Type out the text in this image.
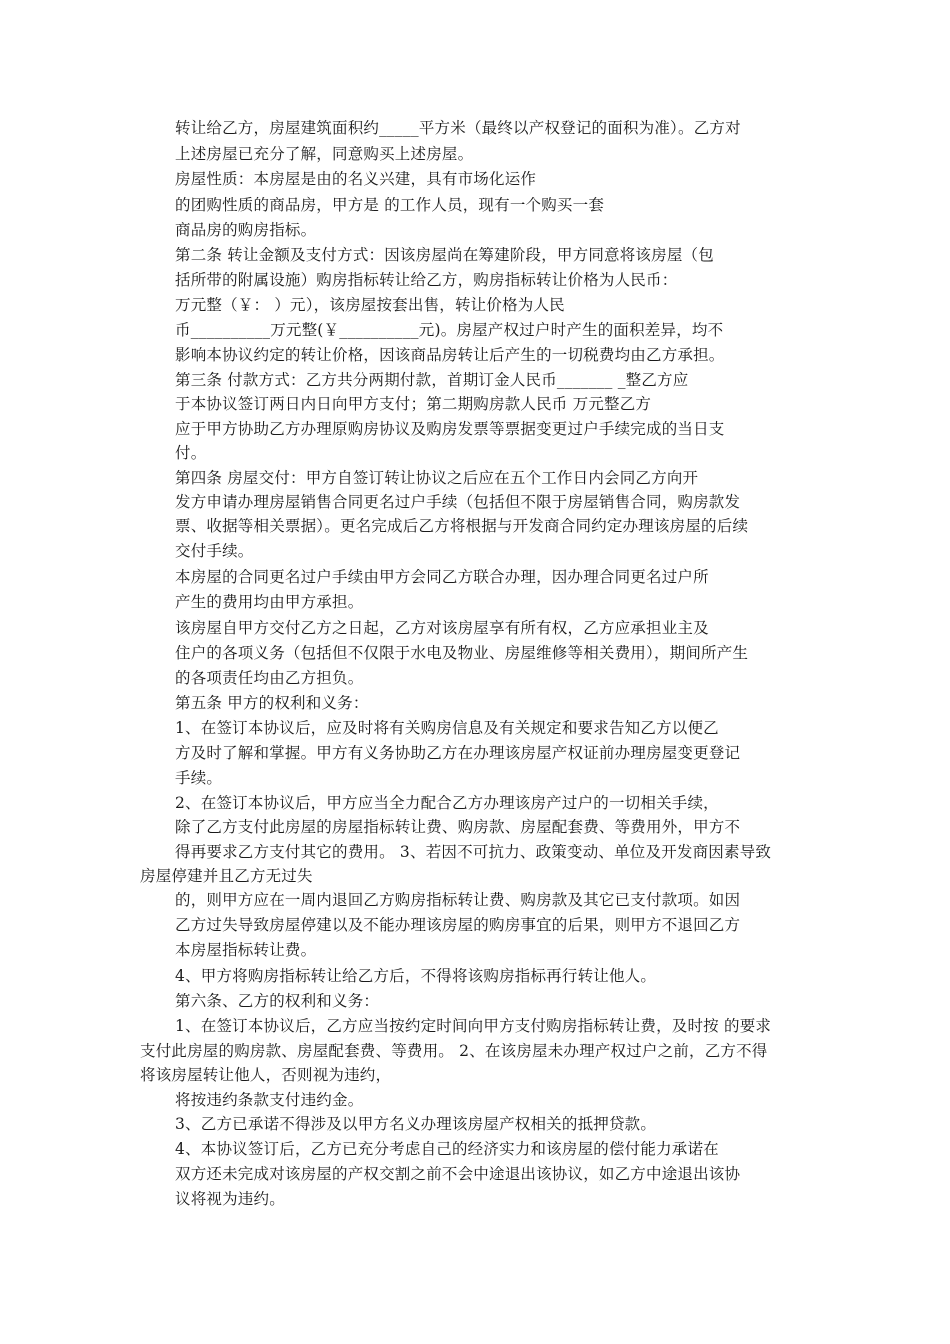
转让给乙方，房屋建筑面积约_____平方米（最终以产权登记的面积为准）。乙方对
上述房屋已充分了解，同意购买上述房屋。
房屋性质：本房屋是由的名义兴建，具有市场化运作
的团购性质的商品房，甲方是 的工作人员，现有一个购买一套
商品房的购房指标。
第二条 转让金额及支付方式：因该房屋尚在筹建阶段，甲方同意将该房屋（包
括所带的附属设施）购房指标转让给乙方，购房指标转让价格为人民币：
万元整（￥： ）元），该房屋按套出售，转让价格为人民
币__________万元整(￥__________元)。房屋产权过户时产生的面积差异，均不
影响本协议约定的转让价格，因该商品房转让后产生的一切税费均由乙方承担。
第三条 付款方式：乙方共分两期付款，首期订金人民币_______ _整乙方应
于本协议签订两日内日向甲方支付；第二期购房款人民币 万元整乙方
应于甲方协助乙方办理原购房协议及购房发票等票据变更过户手续完成的当日支
付。
第四条 房屋交付：甲方自签订转让协议之后应在五个工作日内会同乙方向开
发方申请办理房屋销售合同更名过户手续（包括但不限于房屋销售合同，购房款发
票、收据等相关票据）。更名完成后乙方将根据与开发商合同约定办理该房屋的后续
交付手续。
本房屋的合同更名过户手续由甲方会同乙方联合办理，因办理合同更名过户所
产生的费用均由甲方承担。
该房屋自甲方交付乙方之日起，乙方对该房屋享有所有权，乙方应承担业主及
住户的各项义务（包括但不仅限于水电及物业、房屋维修等相关费用），期间所产生
的各项责任均由乙方担负。
第五条 甲方的权利和义务：
1、在签订本协议后，应及时将有关购房信息及有关规定和要求告知乙方以便乙
方及时了解和掌握。甲方有义务协助乙方在办理该房屋产权证前办理房屋变更登记
手续。
2、在签订本协议后，甲方应当全力配合乙方办理该房产过户的一切相关手续，
除了乙方支付此房屋的房屋指标转让费、购房款、房屋配套费、等费用外，甲方不
得再要求乙方支付其它的费用。 3、若因不可抗力、政策变动、单位及开发商因素导致
房屋停建并且乙方无过失
的，则甲方应在一周内退回乙方购房指标转让费、购房款及其它已支付款项。如因
乙方过失导致房屋停建以及不能办理该房屋的购房事宜的后果，则甲方不退回乙方
本房屋指标转让费。
4、甲方将购房指标转让给乙方后，不得将该购房指标再行转让他人。
第六条、乙方的权利和义务：
1、在签订本协议后，乙方应当按约定时间向甲方支付购房指标转让费，及时按 的要求
支付此房屋的购房款、房屋配套费、等费用。 2、在该房屋未办理产权过户之前，乙方不得
将该房屋转让他人，否则视为违约，
将按违约条款支付违约金。
3、乙方已承诺不得涉及以甲方名义办理该房屋产权相关的抵押贷款。
4、本协议签订后，乙方已充分考虑自己的经济实力和该房屋的偿付能力承诺在
双方还未完成对该房屋的产权交割之前不会中途退出该协议，如乙方中途退出该协
议将视为违约。
